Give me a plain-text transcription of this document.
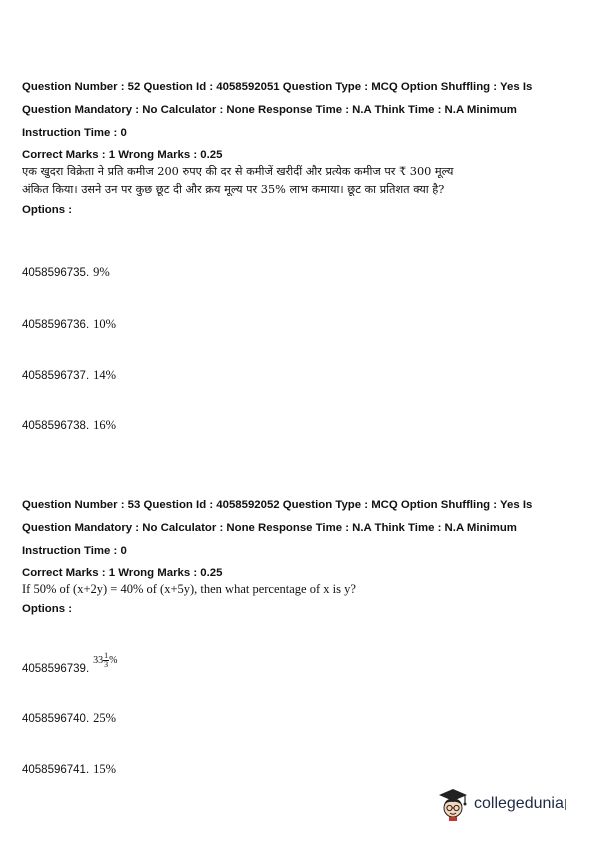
Question Number : 52 Question Id : 4058592051 Question Type : MCQ Option Shuffling : Yes Is
Question Mandatory : No Calculator : None Response Time : N.A Think Time : N.A Minimum
Instruction Time : 0
Correct Marks : 1 Wrong Marks : 0.25
एक खुदरा विक्रेता ने प्रति कमीज 200 रुपए की दर से कमीजें खरीदीं और प्रत्येक कमीज पर ₹ 300 मूल्य अंकित किया। उसने उन पर कुछ छूट दी और क्रय मूल्य पर 35% लाभ कमाया। छूट का प्रतिशत क्या है?
Options :
4058596735. 9%
4058596736. 10%
4058596737. 14%
4058596738. 16%
Question Number : 53 Question Id : 4058592052 Question Type : MCQ Option Shuffling : Yes Is
Question Mandatory : No Calculator : None Response Time : N.A Think Time : N.A Minimum
Instruction Time : 0
Correct Marks : 1 Wrong Marks : 0.25
If 50% of (x+2y) = 40% of (x+5y), then what percentage of x is y?
Options :
4058596739. $33 \frac{1}{3}$ %
4058596740. 25%
4058596741. 15%
collegedunia
